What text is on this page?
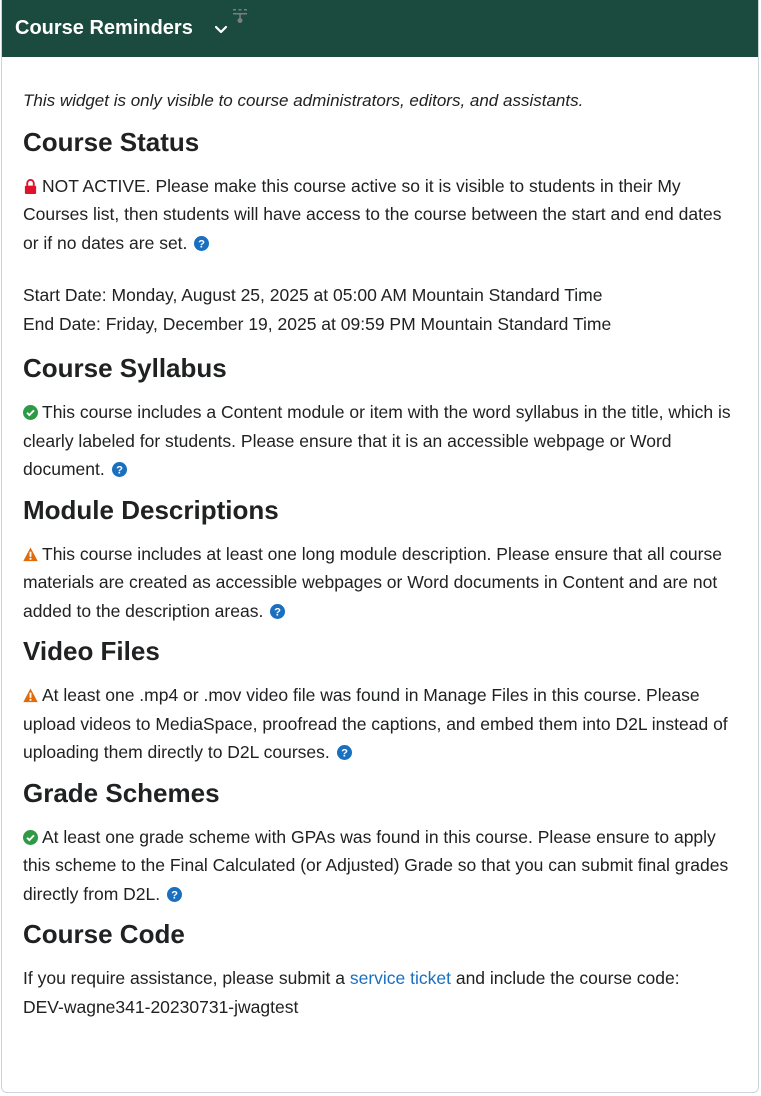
Course Reminders

This widget is only visible to course administrators, editors, and assistants.

Course Status

NOT ACTIVE. Please make this course active so it is visible to students in their My Courses list, then students will have access to the course between the start and end dates or if no dates are set. ?

Start Date: Monday, August 25, 2025 at 05:00 AM Mountain Standard Time
End Date: Friday, December 19, 2025 at 09:59 PM Mountain Standard Time

Course Syllabus

This course includes a Content module or item with the word syllabus in the title, which is clearly labeled for students. Please ensure that it is an accessible webpage or Word document. ?

Module Descriptions

This course includes at least one long module description. Please ensure that all course materials are created as accessible webpages or Word documents in Content and are not added to the description areas. ?

Video Files

At least one .mp4 or .mov video file was found in Manage Files in this course. Please upload videos to MediaSpace, proofread the captions, and embed them into D2L instead of uploading them directly to D2L courses. ?

Grade Schemes

At least one grade scheme with GPAs was found in this course. Please ensure to apply this scheme to the Final Calculated (or Adjusted) Grade so that you can submit final grades directly from D2L. ?

Course Code

If you require assistance, please submit a service ticket and include the course code:
DEV-wagne341-20230731-jwagtest
